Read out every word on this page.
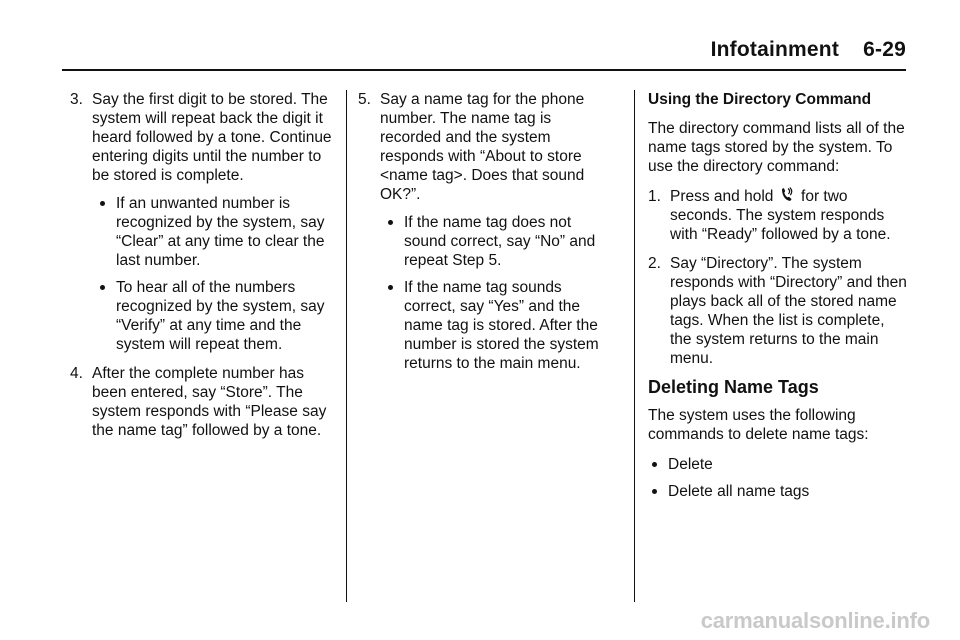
Infotainment 6-29
3. Say the first digit to be stored. The system will repeat back the digit it heard followed by a tone. Continue entering digits until the number to be stored is complete.
If an unwanted number is recognized by the system, say “Clear” at any time to clear the last number.
To hear all of the numbers recognized by the system, say “Verify” at any time and the system will repeat them.
4. After the complete number has been entered, say “Store”. The system responds with “Please say the name tag” followed by a tone.
5. Say a name tag for the phone number. The name tag is recorded and the system responds with “About to store <name tag>. Does that sound OK?”.
If the name tag does not sound correct, say “No” and repeat Step 5.
If the name tag sounds correct, say “Yes” and the name tag is stored. After the number is stored the system returns to the main menu.
Using the Directory Command
The directory command lists all of the name tags stored by the system. To use the directory command:
1. Press and hold for two seconds. The system responds with “Ready” followed by a tone.
2. Say “Directory”. The system responds with “Directory” and then plays back all of the stored name tags. When the list is complete, the system returns to the main menu.
Deleting Name Tags
The system uses the following commands to delete name tags:
Delete
Delete all name tags
carmanualsonline.info
